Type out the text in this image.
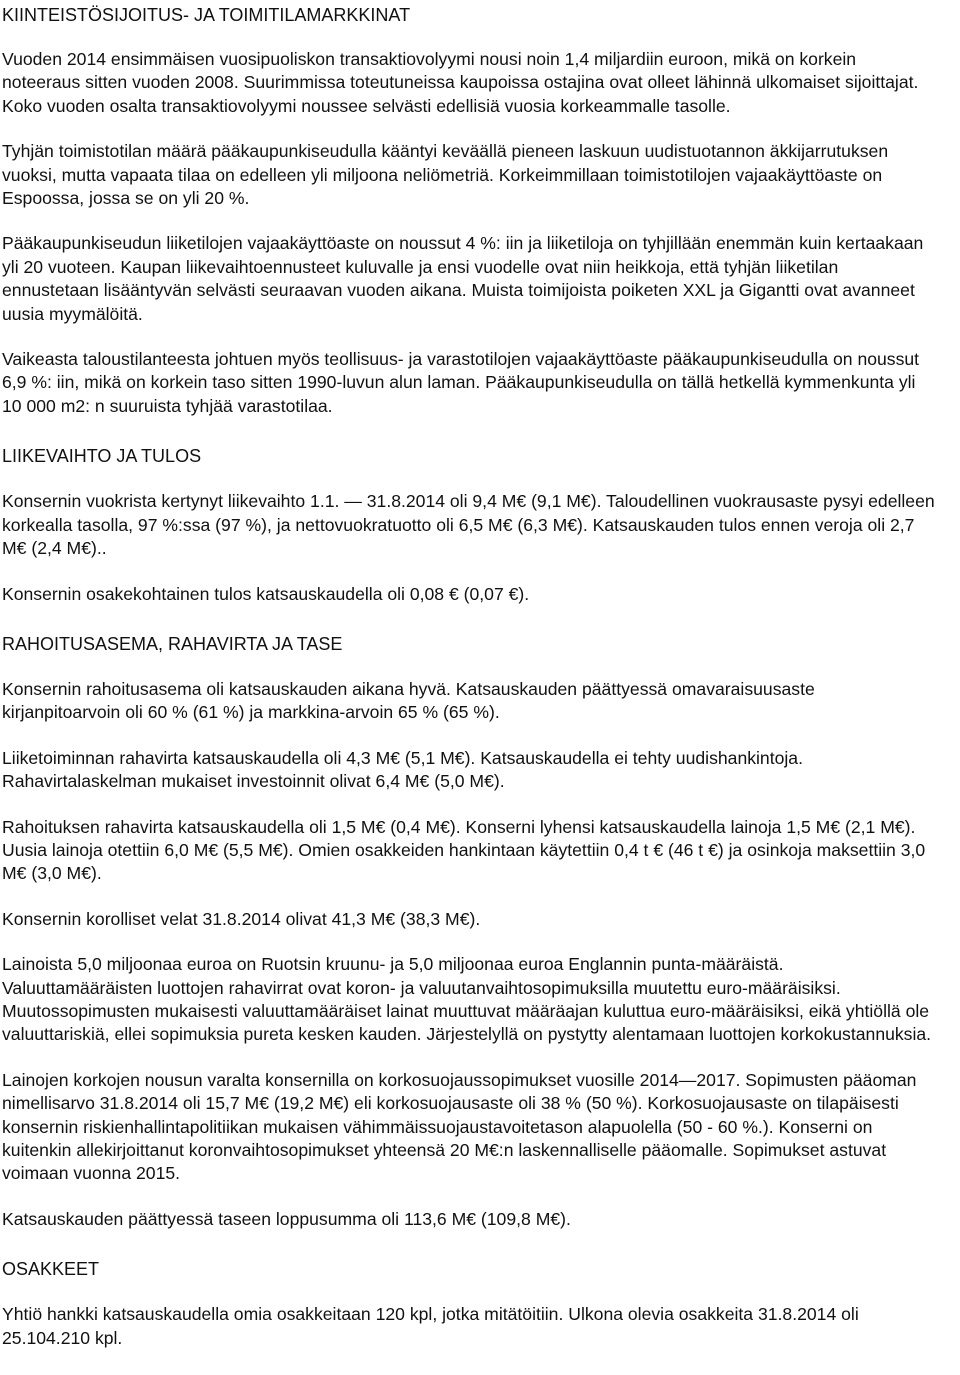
KIINTEISTÖSIJOITUS- JA TOIMITILAMARKKINAT

Vuoden 2014 ensimmäisen vuosipuoliskon transaktiovolyymi nousi noin 1,4 miljardiin euroon, mikä on korkein noteeraus sitten vuoden 2008. Suurimmissa toteutuneissa kaupoissa ostajina ovat olleet lähinnä ulkomaiset sijoittajat. Koko vuoden osalta transaktiovolyymi noussee selvästi edellisiä vuosia korkeammalle tasolle.

Tyhjän toimistotilan määrä pääkaupunkiseudulla kääntyi keväällä pieneen laskuun uudistuotannon äkkijarrutuksen vuoksi, mutta vapaata tilaa on edelleen yli miljoona neliömetriä. Korkeimmillaan toimistotilojen vajaakäyttöaste on Espoossa, jossa se on yli 20 %.

Pääkaupunkiseudun liiketilojen vajaakäyttöaste on noussut 4 %: iin ja liiketiloja on tyhjillään enemmän kuin kertaakaan yli 20 vuoteen. Kaupan liikevaihtoennusteet kuluvalle ja ensi vuodelle ovat niin heikkoja, että tyhjän liiketilan ennustetaan lisääntyvän selvästi seuraavan vuoden aikana. Muista toimijoista poiketen XXL ja Gigantti ovat avanneet uusia myymälöitä.

Vaikeasta taloustilanteesta johtuen myös teollisuus- ja varastotilojen vajaakäyttöaste pääkaupunkiseudulla on noussut 6,9 %: iin, mikä on korkein taso sitten 1990-luvun alun laman. Pääkaupunkiseudulla on tällä hetkellä kymmenkunta yli 10 000 m2: n suuruista tyhjää varastotilaa.

LIIKEVAIHTO JA TULOS

Konsernin vuokrista kertynyt liikevaihto 1.1. — 31.8.2014 oli 9,4 M€ (9,1 M€). Taloudellinen vuokrausaste pysyi edelleen korkealla tasolla, 97 %:ssa (97 %), ja nettovuokratuotto oli 6,5 M€ (6,3 M€). Katsauskauden tulos ennen veroja oli 2,7 M€ (2,4 M€)..

Konsernin osakekohtainen tulos katsauskaudella oli 0,08 € (0,07 €).

RAHOITUSASEMA, RAHAVIRTA JA TASE

Konsernin rahoitusasema oli katsauskauden aikana hyvä. Katsauskauden päättyessä omavaraisuusaste kirjanpitoarvoin oli 60 % (61 %) ja markkina-arvoin 65 % (65 %).

Liiketoiminnan rahavirta katsauskaudella oli 4,3 M€ (5,1 M€). Katsauskaudella ei tehty uudishankintoja. Rahavirtalaskelman mukaiset investoinnit olivat 6,4 M€ (5,0 M€).

Rahoituksen rahavirta katsauskaudella oli 1,5 M€ (0,4 M€). Konserni lyhensi katsauskaudella lainoja 1,5 M€ (2,1 M€). Uusia lainoja otettiin 6,0 M€ (5,5 M€). Omien osakkeiden hankintaan käytettiin 0,4 t € (46 t €) ja osinkoja maksettiin 3,0 M€ (3,0 M€).

Konsernin korolliset velat 31.8.2014 olivat 41,3 M€ (38,3 M€).

Lainoista 5,0 miljoonaa euroa on Ruotsin kruunu- ja 5,0 miljoonaa euroa Englannin punta-määräistä. Valuuttamääräisten luottojen rahavirrat ovat koron- ja valuutanvaihtosopimuksilla muutettu euro-määräisiksi. Muutossopimusten mukaisesti valuuttamääräiset lainat muuttuvat määräajan kuluttua euro-määräisiksi, eikä yhtiöllä ole valuuttariskiä, ellei sopimuksia pureta kesken kauden. Järjestelyllä on pystytty alentamaan luottojen korkokustannuksia.

Lainojen korkojen nousun varalta konsernilla on korkosuojaussopimukset vuosille 2014—2017. Sopimusten pääoman nimellisarvo 31.8.2014 oli 15,7 M€ (19,2 M€) eli korkosuojausaste oli 38 % (50 %). Korkosuojausaste on tilapäisesti konsernin riskienhallintapolitiikan mukaisen vähimmäissuojaustavoitetason alapuolella (50 - 60 %.). Konserni on kuitenkin allekirjoittanut koronvaihtosopimukset yhteensä 20 M€:n laskennalliselle pääomalle. Sopimukset astuvat voimaan vuonna 2015.

Katsauskauden päättyessä taseen loppusumma oli 113,6 M€ (109,8 M€).

OSAKKEET

Yhtiö hankki katsauskaudella omia osakkeitaan 120 kpl, jotka mitätöitiin. Ulkona olevia osakkeita 31.8.2014 oli 25.104.210 kpl.
